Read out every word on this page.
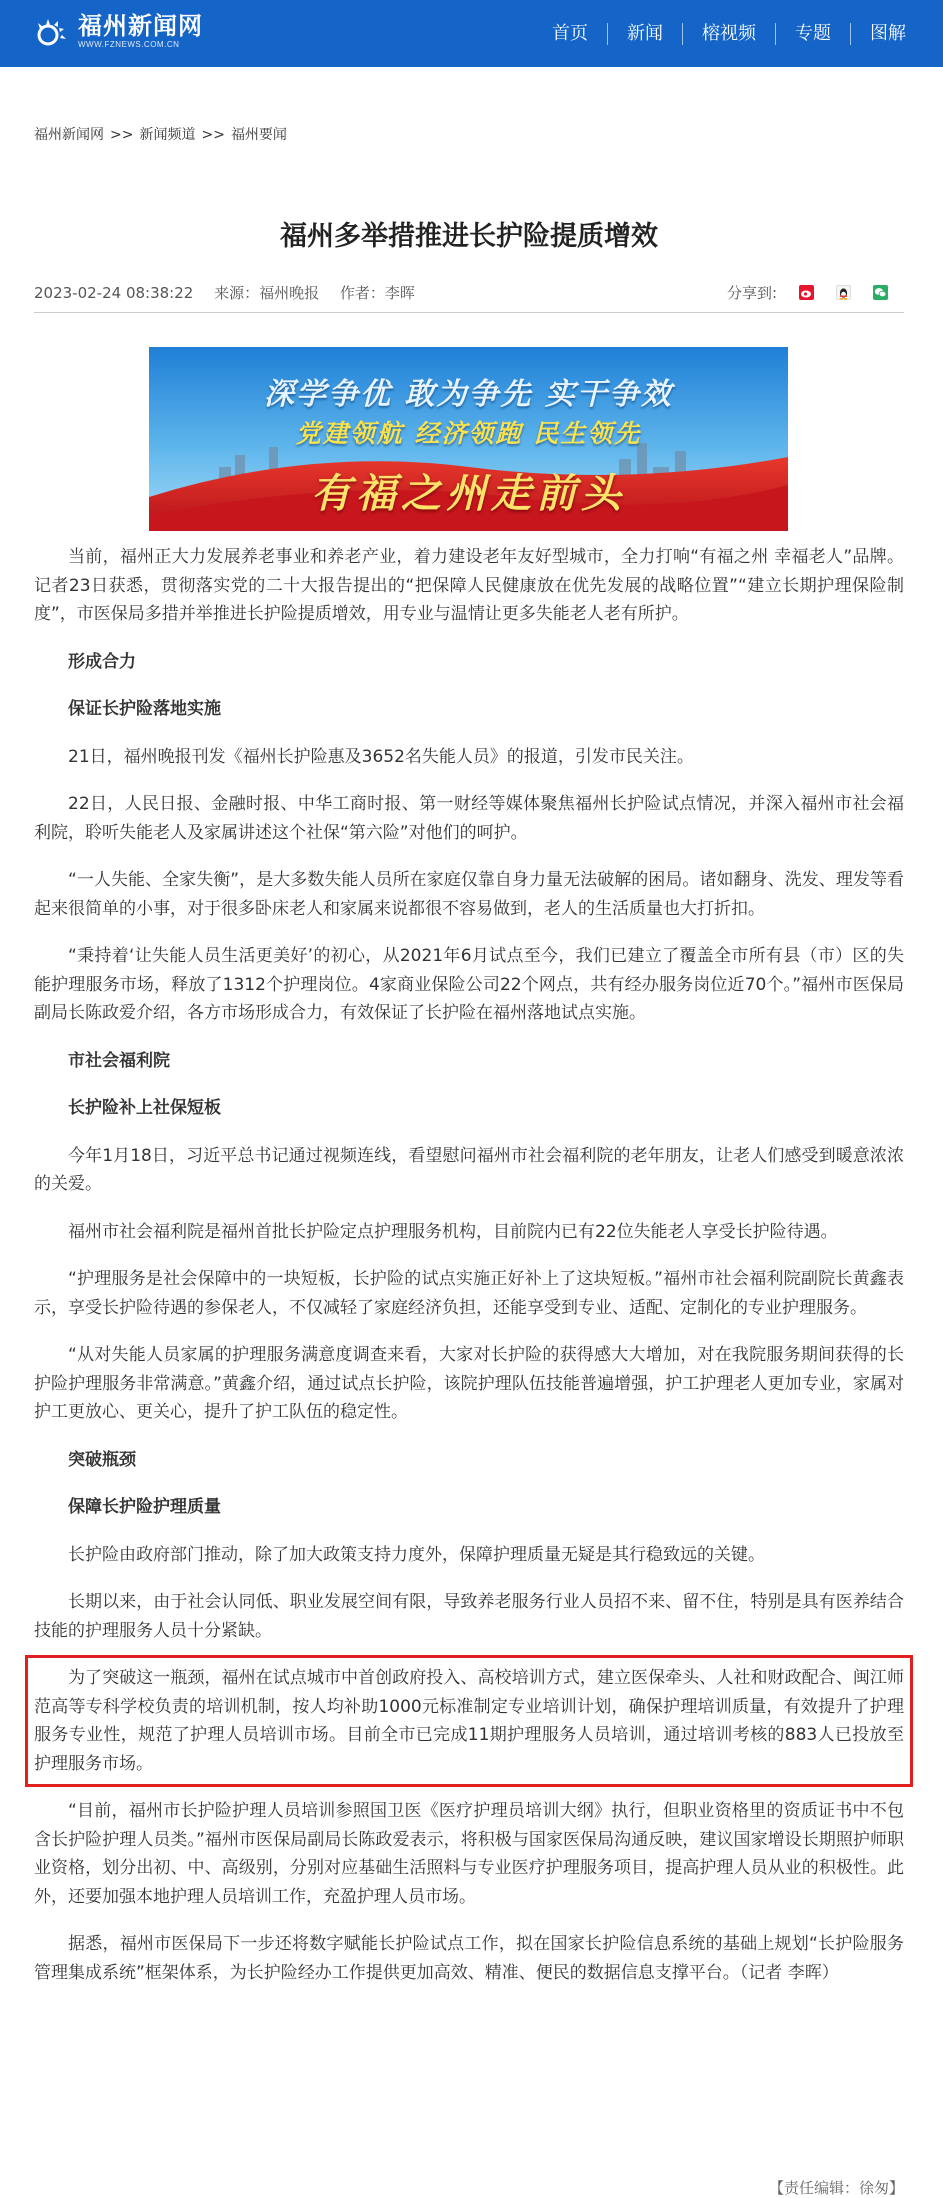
福州新闻网
WWW.FZNEWS.COM.CN
首页	新闻	榕视频	专题	图解
福州新闻网 >> 新闻频道 >> 福州要闻
福州多举措推进长护险提质增效
2023-02-24 08:38:22 来源：福州晚报 作者：李晖	分享到:
深学争优 敢为争先 实干争效
党建领航 经济领跑 民生领先
有福之州走前头

当前，福州正大力发展养老事业和养老产业，着力建设老年友好型城市，全力打响“有福之州 幸福老人”品牌。记者23日获悉，贯彻落实党的二十大报告提出的“把保障人民健康放在优先发展的战略位置”“建立长期护理保险制度”，市医保局多措并举推进长护险提质增效，用专业与温情让更多失能老人老有所护。

形成合力

保证长护险落地实施

21日，福州晚报刊发《福州长护险惠及3652名失能人员》的报道，引发市民关注。

22日，人民日报、金融时报、中华工商时报、第一财经等媒体聚焦福州长护险试点情况，并深入福州市社会福利院，聆听失能老人及家属讲述这个社保“第六险”对他们的呵护。

“一人失能、全家失衡”，是大多数失能人员所在家庭仅靠自身力量无法破解的困局。诸如翻身、洗发、理发等看起来很简单的小事，对于很多卧床老人和家属来说都很不容易做到，老人的生活质量也大打折扣。

“秉持着‘让失能人员生活更美好’的初心，从2021年6月试点至今，我们已建立了覆盖全市所有县（市）区的失能护理服务市场，释放了1312个护理岗位。4家商业保险公司22个网点，共有经办服务岗位近70个。”福州市医保局副局长陈政爱介绍，各方市场形成合力，有效保证了长护险在福州落地试点实施。

市社会福利院

长护险补上社保短板

今年1月18日，习近平总书记通过视频连线，看望慰问福州市社会福利院的老年朋友，让老人们感受到暖意浓浓的关爱。

福州市社会福利院是福州首批长护险定点护理服务机构，目前院内已有22位失能老人享受长护险待遇。

“护理服务是社会保障中的一块短板，长护险的试点实施正好补上了这块短板。”福州市社会福利院副院长黄鑫表示，享受长护险待遇的参保老人，不仅减轻了家庭经济负担，还能享受到专业、适配、定制化的专业护理服务。

“从对失能人员家属的护理服务满意度调查来看，大家对长护险的获得感大大增加，对在我院服务期间获得的长护险护理服务非常满意。”黄鑫介绍，通过试点长护险，该院护理队伍技能普遍增强，护工护理老人更加专业，家属对护工更放心、更关心，提升了护工队伍的稳定性。

突破瓶颈

保障长护险护理质量

长护险由政府部门推动，除了加大政策支持力度外，保障护理质量无疑是其行稳致远的关键。

长期以来，由于社会认同低、职业发展空间有限，导致养老服务行业人员招不来、留不住，特别是具有医养结合技能的护理服务人员十分紧缺。

为了突破这一瓶颈，福州在试点城市中首创政府投入、高校培训方式，建立医保牵头、人社和财政配合、闽江师范高等专科学校负责的培训机制，按人均补助1000元标准制定专业培训计划，确保护理培训质量，有效提升了护理服务专业性，规范了护理人员培训市场。目前全市已完成11期护理服务人员培训，通过培训考核的883人已投放至护理服务市场。

“目前，福州市长护险护理人员培训参照国卫医《医疗护理员培训大纲》执行，但职业资格里的资质证书中不包含长护险护理人员类。”福州市医保局副局长陈政爱表示，将积极与国家医保局沟通反映，建议国家增设长期照护师职业资格，划分出初、中、高级别，分别对应基础生活照料与专业医疗护理服务项目，提高护理人员从业的积极性。此外，还要加强本地护理人员培训工作，充盈护理人员市场。

据悉，福州市医保局下一步还将数字赋能长护险试点工作，拟在国家长护险信息系统的基础上规划“长护险服务管理集成系统”框架体系，为长护险经办工作提供更加高效、精准、便民的数据信息支撑平台。（记者 李晖）

【责任编辑：徐匆】
